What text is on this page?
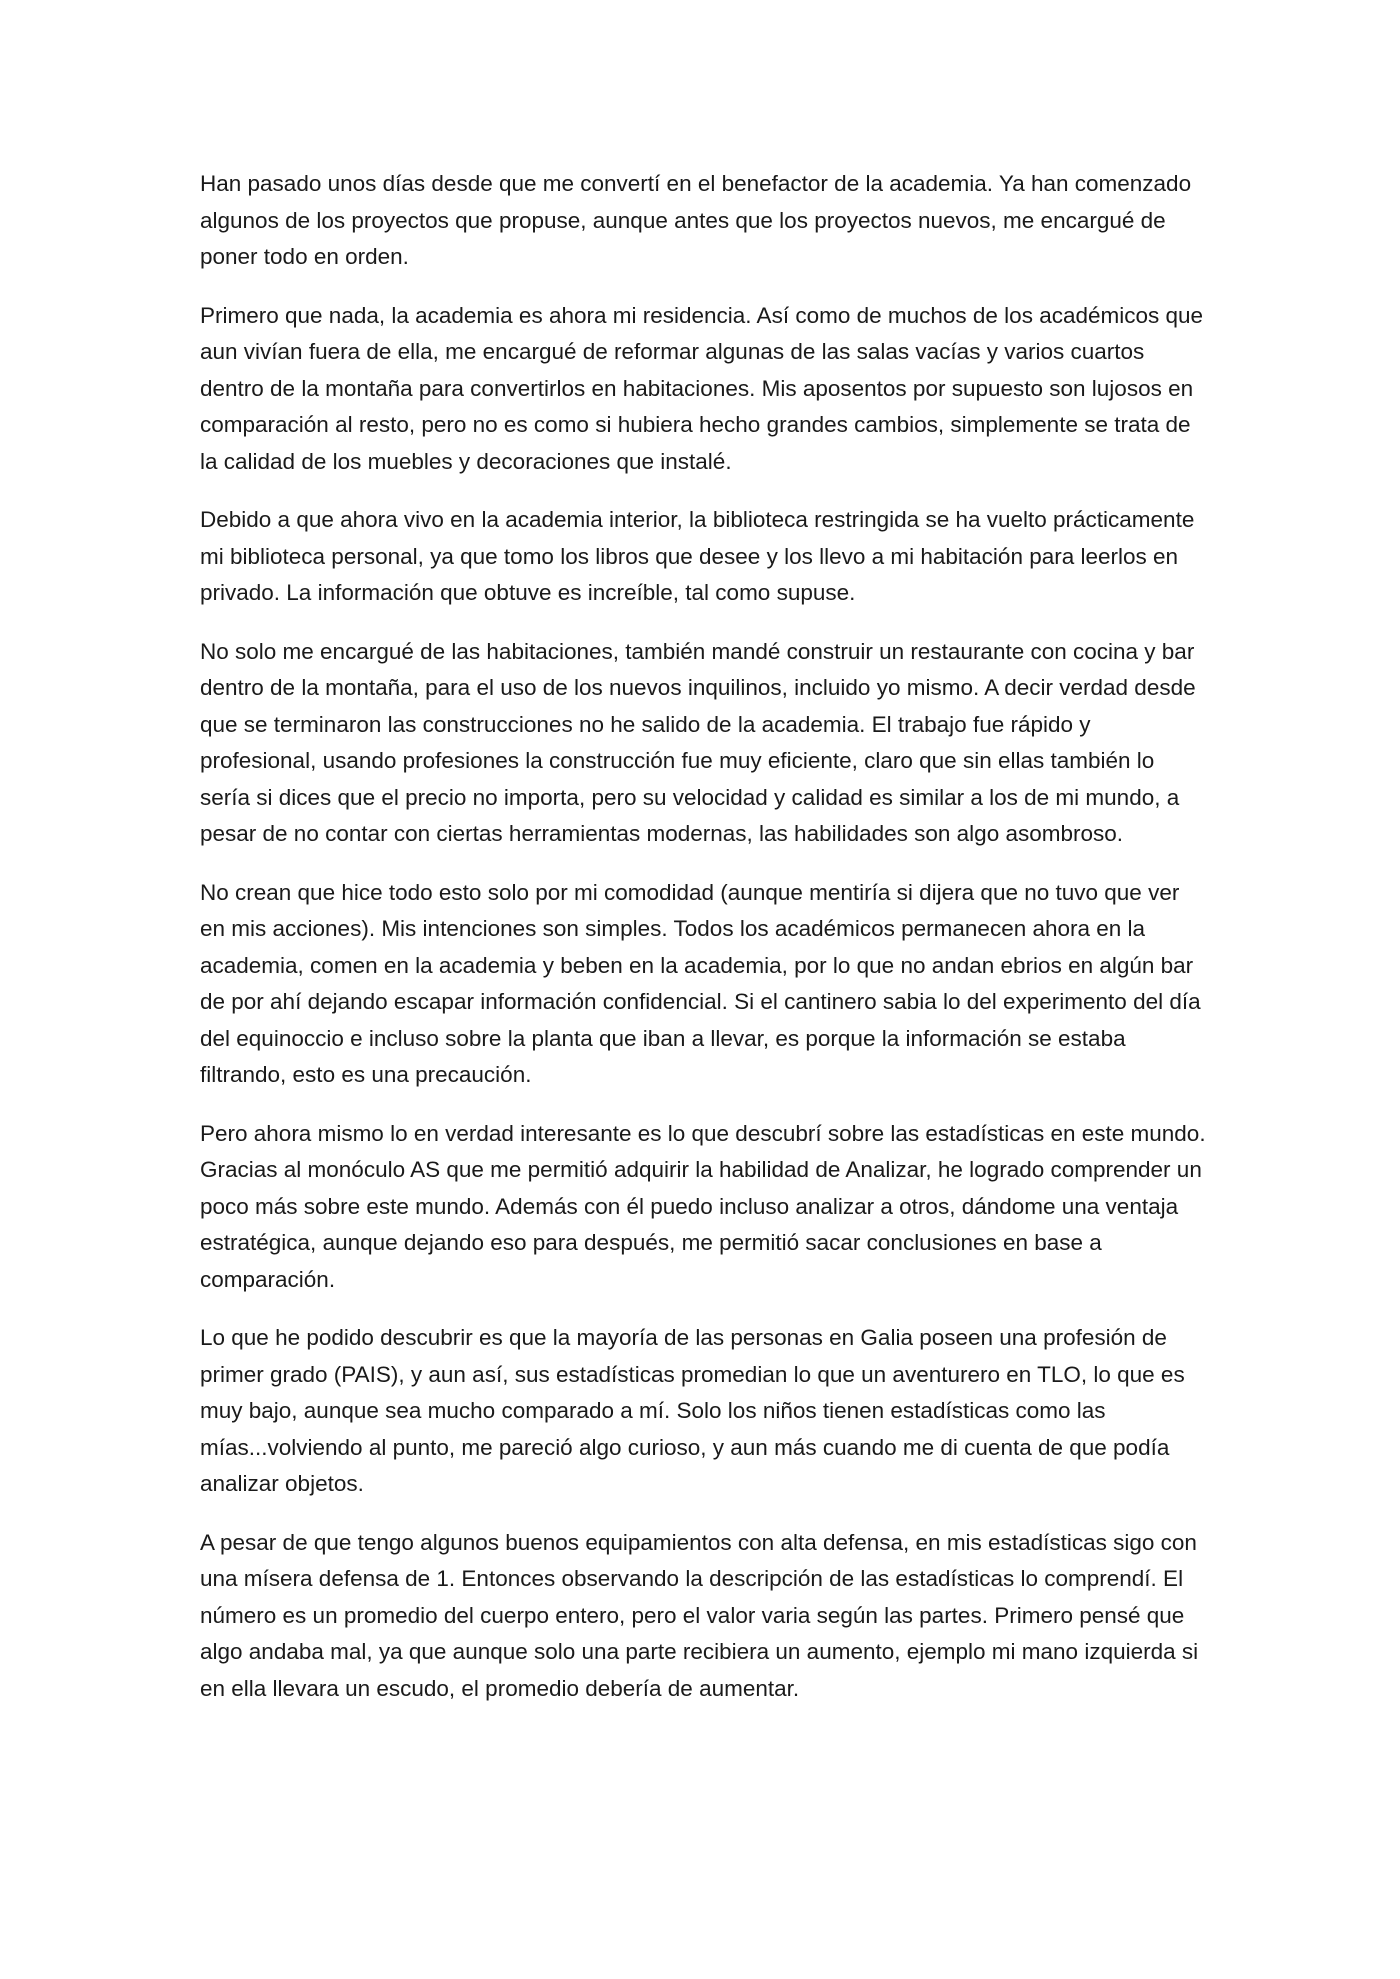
Han pasado unos días desde que me convertí en el benefactor de la academia. Ya han comenzado algunos de los proyectos que propuse, aunque antes que los proyectos nuevos, me encargué de poner todo en orden.

Primero que nada, la academia es ahora mi residencia. Así como de muchos de los académicos que aun vivían fuera de ella, me encargué de reformar algunas de las salas vacías y varios cuartos dentro de la montaña para convertirlos en habitaciones. Mis aposentos por supuesto son lujosos en comparación al resto, pero no es como si hubiera hecho grandes cambios, simplemente se trata de la calidad de los muebles y decoraciones que instalé.

Debido a que ahora vivo en la academia interior, la biblioteca restringida se ha vuelto prácticamente mi biblioteca personal, ya que tomo los libros que desee y los llevo a mi habitación para leerlos en privado. La información que obtuve es increíble, tal como supuse.

No solo me encargué de las habitaciones, también mandé construir un restaurante con cocina y bar dentro de la montaña, para el uso de los nuevos inquilinos, incluido yo mismo. A decir verdad desde que se terminaron las construcciones no he salido de la academia. El trabajo fue rápido y profesional, usando profesiones la construcción fue muy eficiente, claro que sin ellas también lo sería si dices que el precio no importa, pero su velocidad y calidad es similar a los de mi mundo, a pesar de no contar con ciertas herramientas modernas, las habilidades son algo asombroso.

No crean que hice todo esto solo por mi comodidad (aunque mentiría si dijera que no tuvo que ver en mis acciones). Mis intenciones son simples. Todos los académicos permanecen ahora en la academia, comen en la academia y beben en la academia, por lo que no andan ebrios en algún bar de por ahí dejando escapar información confidencial. Si el cantinero sabia lo del experimento del día del equinoccio e incluso sobre la planta que iban a llevar, es porque la información se estaba filtrando, esto es una precaución.

Pero ahora mismo lo en verdad interesante es lo que descubrí sobre las estadísticas en este mundo. Gracias al monóculo AS que me permitió adquirir la habilidad de Analizar, he logrado comprender un poco más sobre este mundo. Además con él puedo incluso analizar a otros, dándome una ventaja estratégica, aunque dejando eso para después, me permitió sacar conclusiones en base a comparación.

Lo que he podido descubrir es que la mayoría de las personas en Galia poseen una profesión de primer grado (PAIS), y aun así, sus estadísticas promedian lo que un aventurero en TLO, lo que es muy bajo, aunque sea mucho comparado a mí. Solo los niños tienen estadísticas como las mías...volviendo al punto, me pareció algo curioso, y aun más cuando me di cuenta de que podía analizar objetos.

A pesar de que tengo algunos buenos equipamientos con alta defensa, en mis estadísticas sigo con una mísera defensa de 1. Entonces observando la descripción de las estadísticas lo comprendí. El número es un promedio del cuerpo entero, pero el valor varia según las partes. Primero pensé que algo andaba mal, ya que aunque solo una parte recibiera un aumento, ejemplo mi mano izquierda si en ella llevara un escudo, el promedio debería de aumentar.
